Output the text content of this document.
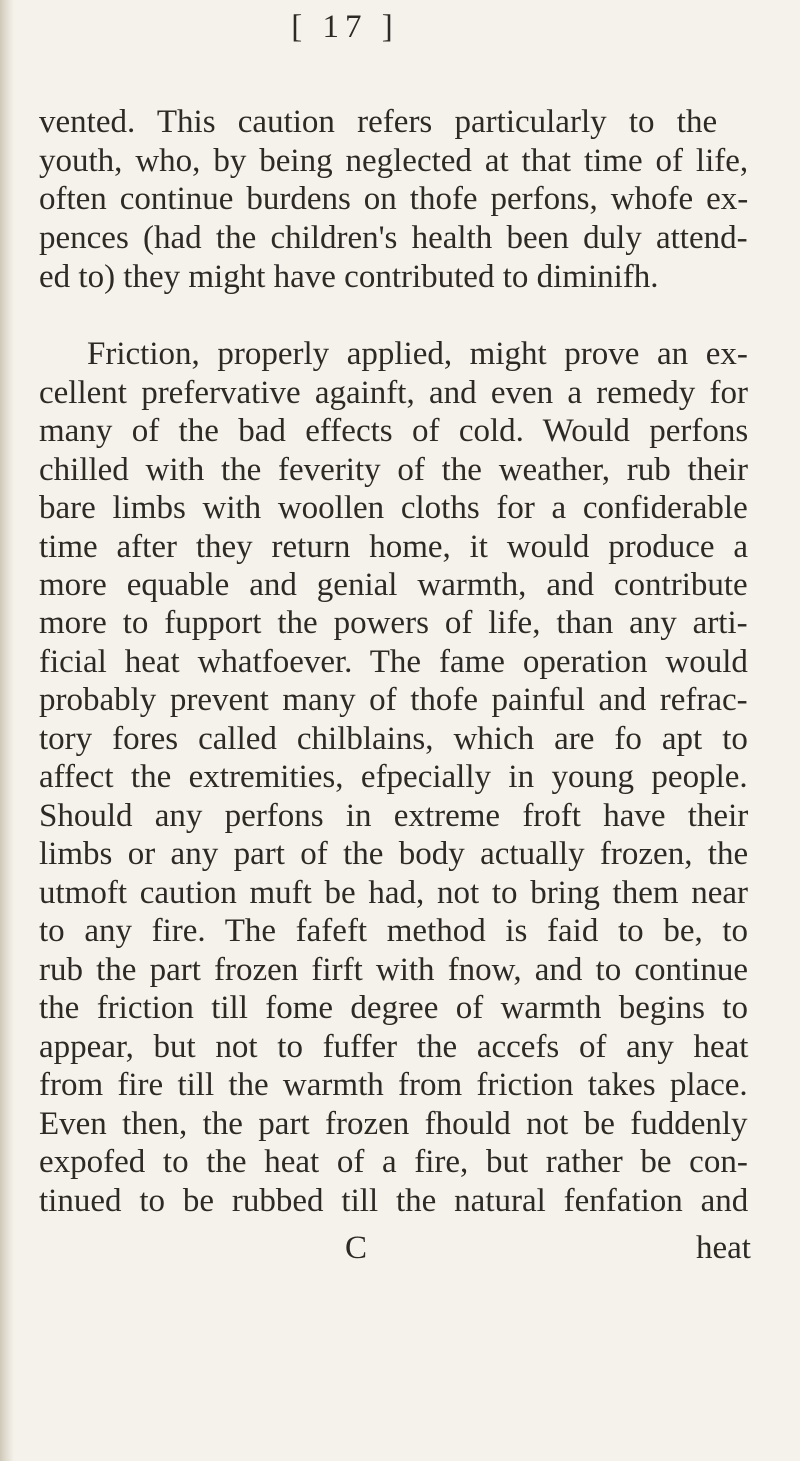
[ 17 ]
vented. This caution refers particularly to the
youth, who, by being neglected at that time of life,
often continue burdens on thofe perfons, whofe ex-
pences (had the children's health been duly attend-
ed to) they might have contributed to diminifh.
Friction, properly applied, might prove an ex-
cellent prefervative againft, and even a remedy for
many of the bad effects of cold. Would perfons
chilled with the feverity of the weather, rub their
bare limbs with woollen cloths for a confiderable
time after they return home, it would produce a
more equable and genial warmth, and contribute
more to fupport the powers of life, than any arti-
ficial heat whatfoever. The fame operation would
probably prevent many of thofe painful and refrac-
tory fores called chilblains, which are fo apt to
affect the extremities, efpecially in young people.
Should any perfons in extreme froft have their
limbs or any part of the body actually frozen, the
utmoft caution muft be had, not to bring them near
to any fire. The fafeft method is faid to be, to
rub the part frozen firft with fnow, and to continue
the friction till fome degree of warmth begins to
appear, but not to fuffer the accefs of any heat
from fire till the warmth from friction takes place.
Even then, the part frozen fhould not be fuddenly
expofed to the heat of a fire, but rather be con-
tinued to be rubbed till the natural fenfation and
C	heat
